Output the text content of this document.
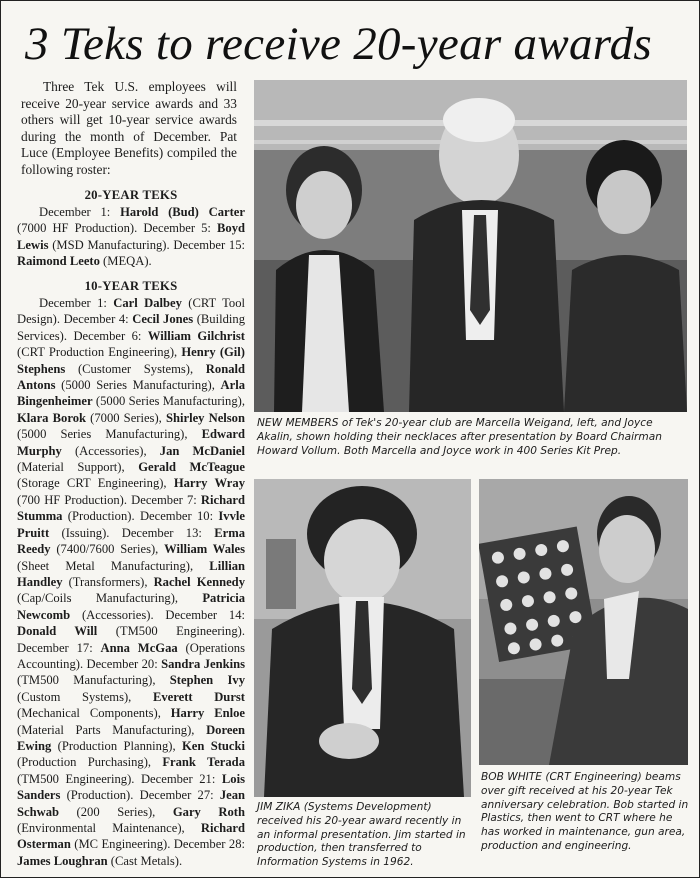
3 Teks to receive 20-year awards

Three Tek U.S. employees will receive 20-year service awards and 33 others will get 10-year service awards during the month of December. Pat Luce (Employee Benefits) compiled the following roster:

20-YEAR TEKS

December 1: Harold (Bud) Carter (7000 HF Production). December 5: Boyd Lewis (MSD Manufacturing). December 15: Raimond Leeto (MEQA).

10-YEAR TEKS

December 1: Carl Dalbey (CRT Tool Design). December 4: Cecil Jones (Building Services). December 6: William Gilchrist (CRT Production Engineering), Henry (Gil) Stephens (Customer Systems), Ronald Antons (5000 Series Manufacturing), Arla Bingenheimer (5000 Series Manufacturing), Klara Borok (7000 Series), Shirley Nelson (5000 Series Manufacturing), Edward Murphy (Accessories), Jan McDaniel (Material Support), Gerald McTeague (Storage CRT Engineering), Harry Wray (700 HF Production). December 7: Richard Stumma (Production). December 10: Ivvle Pruitt (Issuing). December 13: Erma Reedy (7400/7600 Series), William Wales (Sheet Metal Manufacturing), Lillian Handley (Transformers), Rachel Kennedy (Cap/Coils Manufacturing), Patricia Newcomb (Accessories). December 14: Donald Will (TM500 Engineering). December 17: Anna McGaa (Operations Accounting). December 20: Sandra Jenkins (TM500 Manufacturing), Stephen Ivy (Custom Systems), Everett Durst (Mechanical Components), Harry Enloe (Material Parts Manufacturing), Doreen Ewing (Production Planning), Ken Stucki (Production Purchasing), Frank Terada (TM500 Engineering). December 21: Lois Sanders (Production). December 27: Jean Schwab (200 Series), Gary Roth (Environmental Maintenance), Richard Osterman (MC Engineering). December 28: James Loughran (Cast Metals).

NEW MEMBERS of Tek's 20-year club are Marcella Weigand, left, and Joyce Akalin, shown holding their necklaces after presentation by Board Chairman Howard Vollum. Both Marcella and Joyce work in 400 Series Kit Prep.
JIM ZIKA (Systems Development) received his 20-year award recently in an informal presentation. Jim started in production, then transferred to Information Systems in 1962.
BOB WHITE (CRT Engineering) beams over gift received at his 20-year Tek anniversary celebration. Bob started in Plastics, then went to CRT where he has worked in maintenance, gun area, production and engineering.
